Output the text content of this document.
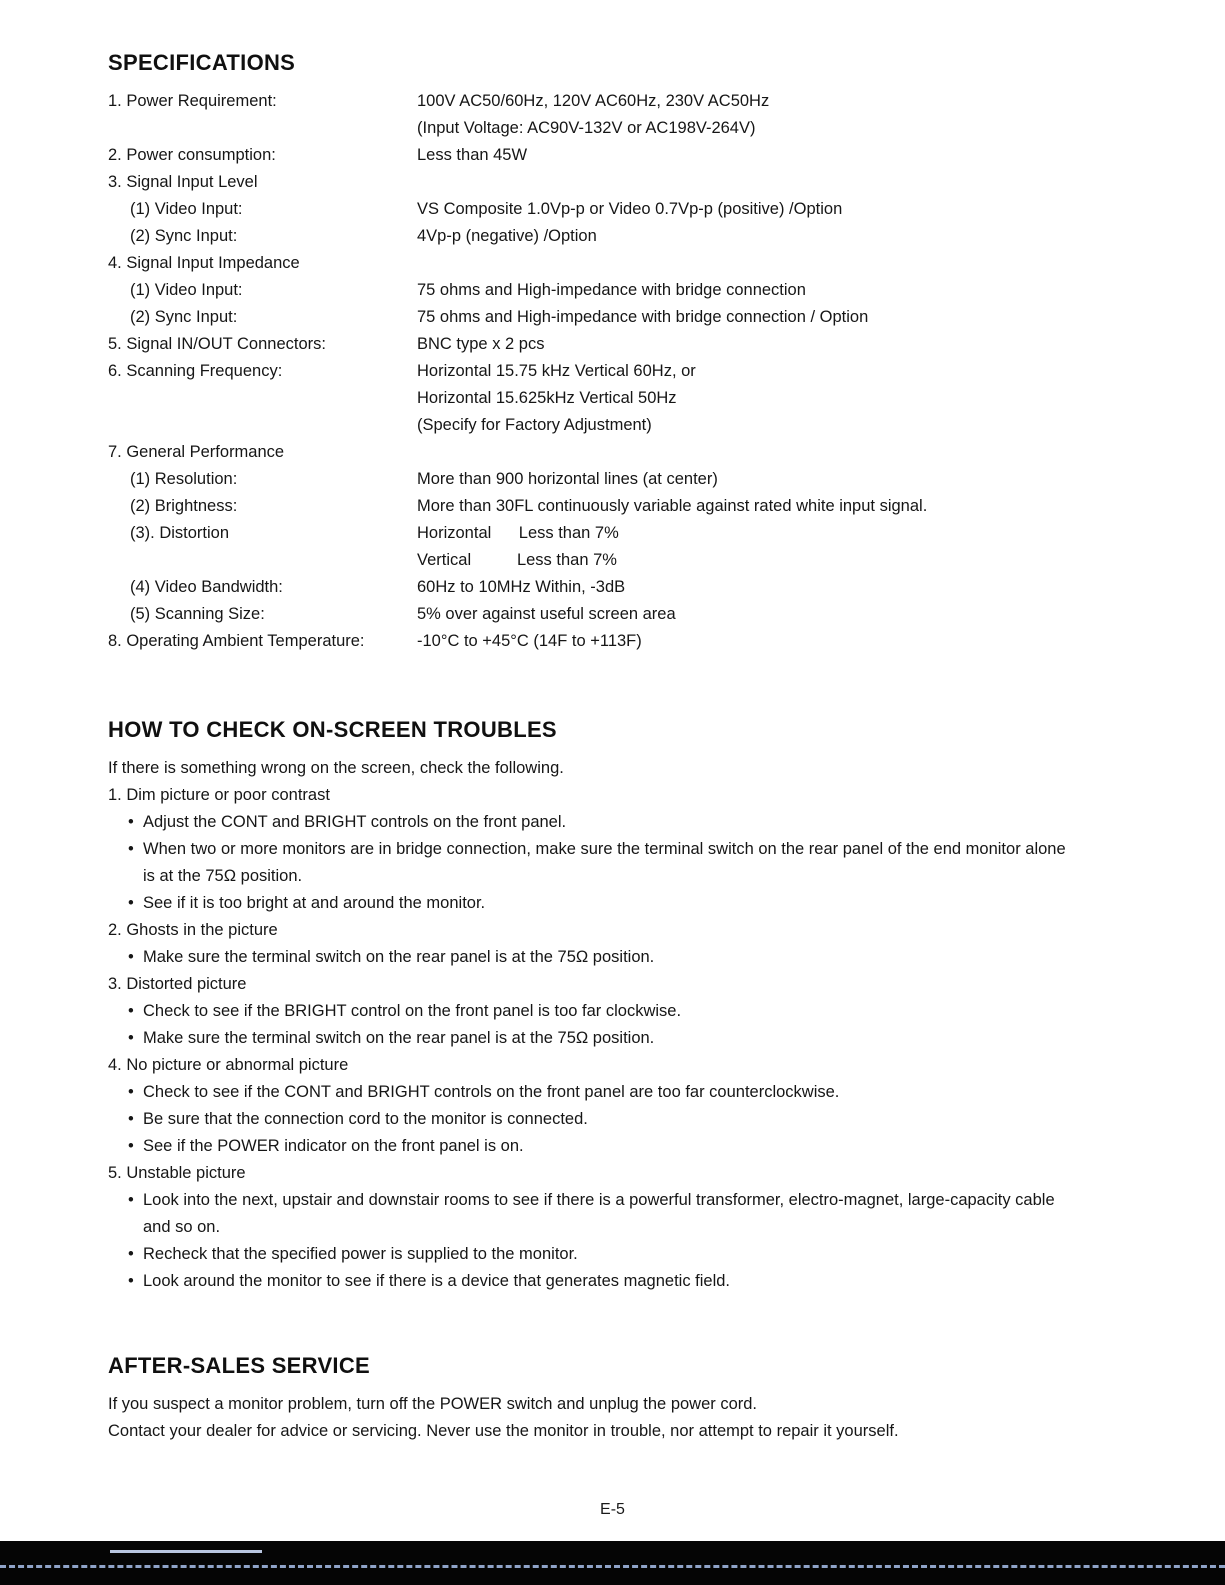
SPECIFICATIONS
1. Power Requirement:	100V AC50/60Hz, 120V AC60Hz, 230V AC50Hz
(Input Voltage: AC90V-132V or AC198V-264V)
2. Power consumption:	Less than 45W
3. Signal Input Level
(1) Video Input:	VS Composite 1.0Vp-p or Video 0.7Vp-p (positive) /Option
(2) Sync Input:	4Vp-p (negative) /Option
4. Signal Input Impedance
(1) Video Input:	75 ohms and High-impedance with bridge connection
(2) Sync Input:	75 ohms and High-impedance with bridge connection / Option
5. Signal IN/OUT Connectors:	BNC type x 2 pcs
6. Scanning Frequency:	Horizontal 15.75 kHz Vertical 60Hz, or
Horizontal 15.625kHz Vertical 50Hz
(Specify for Factory Adjustment)
7. General Performance
(1) Resolution:	More than 900 horizontal lines (at center)
(2) Brightness:	More than 30FL continuously variable against rated white input signal.
(3). Distortion	Horizontal      Less than 7%
Vertical          Less than 7%
(4) Video Bandwidth:	60Hz to 10MHz Within, -3dB
(5) Scanning Size:	5% over against useful screen area
8. Operating Ambient Temperature:	-10°C to +45°C (14F to +113F)
HOW TO CHECK ON-SCREEN TROUBLES
If there is something wrong on the screen, check the following.
1. Dim picture or poor contrast
• Adjust the CONT and BRIGHT controls on the front panel.
• When two or more monitors are in bridge connection, make sure the terminal switch on the rear panel of the end monitor alone is at the 75Ω position.
• See if it is too bright at and around the monitor.
2. Ghosts in the picture
• Make sure the terminal switch on the rear panel is at the 75Ω position.
3. Distorted picture
• Check to see if the BRIGHT control on the front panel is too far clockwise.
• Make sure the terminal switch on the rear panel is at the 75Ω position.
4. No picture or abnormal picture
• Check to see if the CONT and BRIGHT controls on the front panel are too far counterclockwise.
• Be sure that the connection cord to the monitor is connected.
• See if the POWER indicator on the front panel is on.
5. Unstable picture
• Look into the next, upstair and downstair rooms to see if there is a powerful transformer, electro-magnet, large-capacity cable and so on.
• Recheck that the specified power is supplied to the monitor.
• Look around the monitor to see if there is a device that generates magnetic field.
AFTER-SALES SERVICE
If you suspect a monitor problem, turn off the POWER switch and unplug the power cord.
Contact your dealer for advice or servicing. Never use the monitor in trouble, nor attempt to repair it yourself.
E-5
